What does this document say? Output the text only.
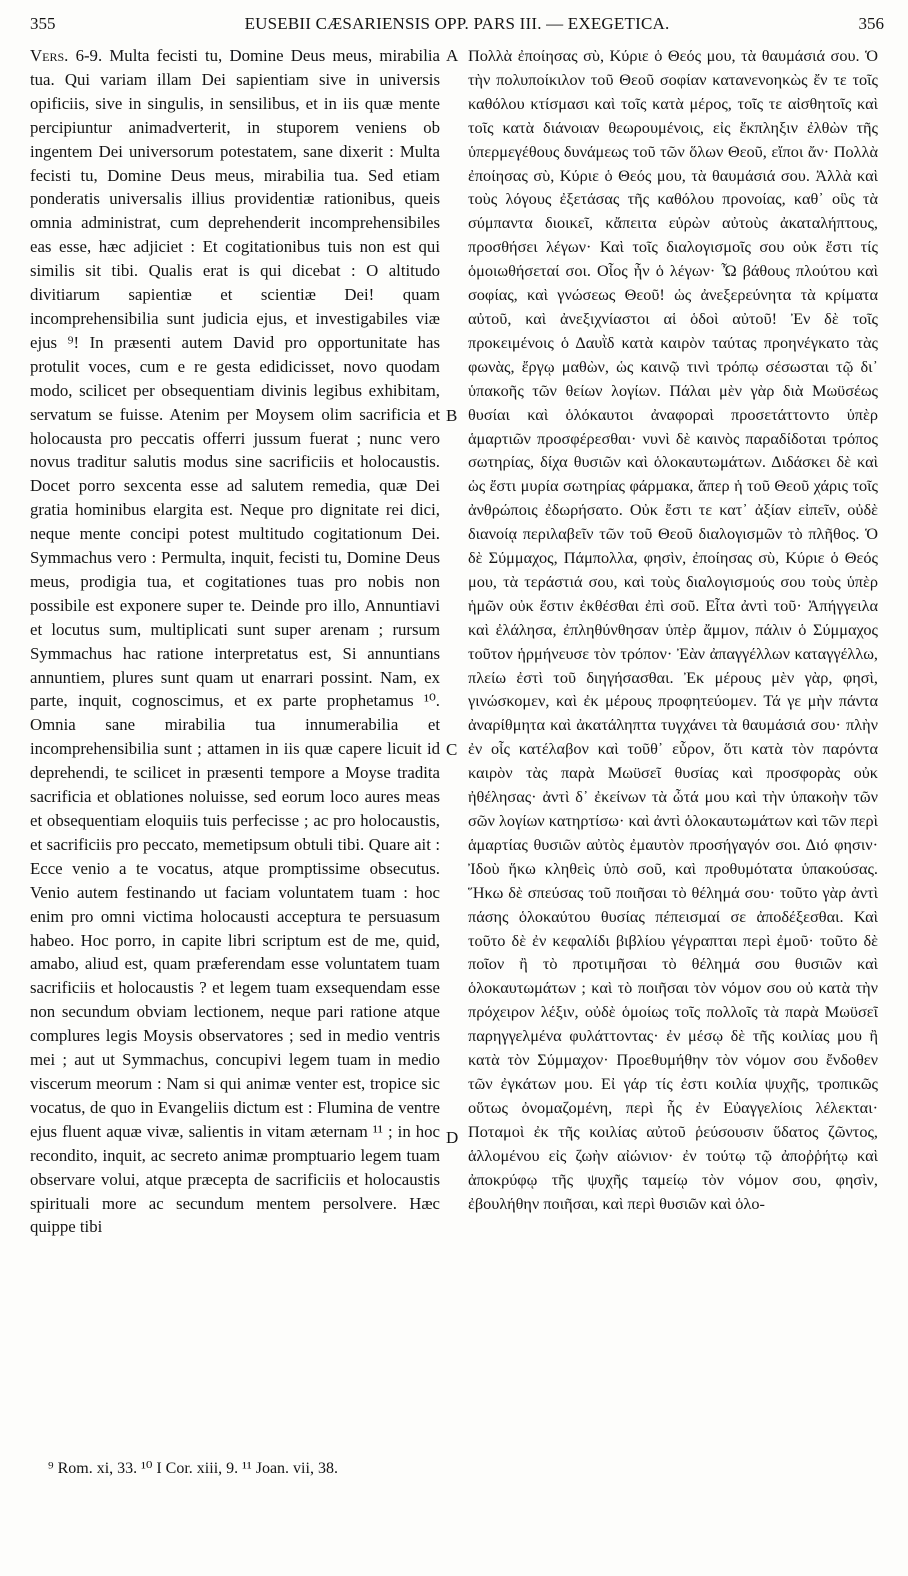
355	EUSEBII CÆSARIENSIS OPP. PARS III. — EXEGETICA.	356

Vers. 6-9. Multa fecisti tu, Domine Deus meus, mirabilia tua. Qui variam illam Dei sapientiam sive in universis opificiis, sive in singulis, in sensilibus, et in iis quæ mente percipiuntur animadverterit, in stuporem veniens ob ingentem Dei universorum potestatem, sane dixerit : Multa fecisti tu, Domine Deus meus, mirabilia tua. Sed etiam ponderatis universalis illius providentiæ rationibus, queis omnia administrat, cum deprehenderit incomprehensibiles eas esse, hæc adjiciet : Et cogitationibus tuis non est qui similis sit tibi. Qualis erat is qui dicebat : O altitudo divitiarum sapientiæ et scientiæ Dei! quam incomprehensibilia sunt judicia ejus, et investigabiles viæ ejus ⁹! In præsenti autem David pro opportunitate has protulit voces, cum e re gesta edidicisset, novo quodam modo, scilicet per obsequentiam divinis legibus exhibitam, servatum se fuisse. Atenim per Moysem olim sacrificia et holocausta pro peccatis offerri jussum fuerat ; nunc vero novus traditur salutis modus sine sacrificiis et holocaustis. Docet porro sexcenta esse ad salutem remedia, quæ Dei gratia hominibus elargita est. Neque pro dignitate rei dici, neque mente concipi potest multitudo cogitationum Dei. Symmachus vero : Permulta, inquit, fecisti tu, Domine Deus meus, prodigia tua, et cogitationes tuas pro nobis non possibile est exponere super te. Deinde pro illo, Annuntiavi et locutus sum, multiplicati sunt super arenam ; rursum Symmachus hac ratione interpretatus est, Si annuntians annuntiem, plures sunt quam ut enarrari possint. Nam, ex parte, inquit, cognoscimus, et ex parte prophetamus ¹⁰. Omnia sane mirabilia tua innumerabilia et incomprehensibilia sunt ; attamen in iis quæ capere licuit id deprehendi, te scilicet in præsenti tempore a Moyse tradita sacrificia et oblationes noluisse, sed eorum loco aures meas et obsequentiam eloquiis tuis perfecisse ; ac pro holocaustis, et sacrificiis pro peccato, memetipsum obtuli tibi. Quare ait : Ecce venio a te vocatus, atque promptissime obsecutus. Venio autem festinando ut faciam voluntatem tuam : hoc enim pro omni victima holocausti acceptura te persuasum habeo. Hoc porro, in capite libri scriptum est de me, quid, amabo, aliud est, quam præferendam esse voluntatem tuam sacrificiis et holocaustis ? et legem tuam exsequendam esse non secundum obviam lectionem, neque pari ratione atque complures legis Moysis observatores ; sed in medio ventris mei ; aut ut Symmachus, concupivi legem tuam in medio viscerum meorum : Nam si qui animæ venter est, tropice sic vocatus, de quo in Evangeliis dictum est : Flumina de ventre ejus fluent aquæ vivæ, salientis in vitam æternam ¹¹ ; in hoc recondito, inquit, ac secreto animæ promptuario legem tuam observare volui, atque præcepta de sacrificiis et holocaustis spirituali more ac secundum mentem persolvere. Hæc quippe tibi

A
B
C
D

Πολλὰ ἐποίησας σὺ, Κύριε ὁ Θεός μου, τὰ θαυμάσιά σου. Ὁ τὴν πολυποίκιλον τοῦ Θεοῦ σοφίαν κατανενοηκὼς ἔν τε τοῖς καθόλου κτίσμασι καὶ τοῖς κατὰ μέρος, τοῖς τε αἰσθητοῖς καὶ τοῖς κατὰ διάνοιαν θεωρουμένοις, εἰς ἔκπληξιν ἐλθὼν τῆς ὑπερμεγέθους δυνάμεως τοῦ τῶν ὅλων Θεοῦ, εἴποι ἄν· Πολλὰ ἐποίησας σὺ, Κύριε ὁ Θεός μου, τὰ θαυμάσιά σου. Ἀλλὰ καὶ τοὺς λόγους ἐξετάσας τῆς καθόλου προνοίας, καθ᾽ οὓς τὰ σύμπαντα διοικεῖ, κἄπειτα εὑρὼν αὐτοὺς ἀκαταλήπτους, προσθήσει λέγων· Καὶ τοῖς διαλογισμοῖς σου οὐκ ἔστι τίς ὁμοιωθήσεταί σοι. Οἷος ἦν ὁ λέγων· Ὦ βάθους πλούτου καὶ σοφίας, καὶ γνώσεως Θεοῦ! ὡς ἀνεξερεύνητα τὰ κρίματα αὐτοῦ, καὶ ἀνεξιχνίαστοι αἱ ὁδοὶ αὐτοῦ! Ἐν δὲ τοῖς προκειμένοις ὁ Δαυῒδ κατὰ καιρὸν ταύτας προηνέγκατο τὰς φωνὰς, ἔργῳ μαθὼν, ὡς καινῷ τινὶ τρόπῳ σέσωσται τῷ δι᾽ ὑπακοῆς τῶν θείων λογίων. Πάλαι μὲν γὰρ διὰ Μωϋσέως θυσίαι καὶ ὁλόκαυτοι ἀναφοραὶ προσετάττοντο ὑπὲρ ἁμαρτιῶν προσφέρεσθαι· νυνὶ δὲ καινὸς παραδίδοται τρόπος σωτηρίας, δίχα θυσιῶν καὶ ὁλοκαυτωμάτων. Διδάσκει δὲ καὶ ὡς ἔστι μυρία σωτηρίας φάρμακα, ἅπερ ἡ τοῦ Θεοῦ χάρις τοῖς ἀνθρώποις ἐδωρήσατο. Οὐκ ἔστι τε κατ᾽ ἀξίαν εἰπεῖν, οὐδὲ διανοίᾳ περιλαβεῖν τῶν τοῦ Θεοῦ διαλογισμῶν τὸ πλῆθος. Ὁ δὲ Σύμμαχος, Πάμπολλα, φησὶν, ἐποίησας σὺ, Κύριε ὁ Θεός μου, τὰ τεράστιά σου, καὶ τοὺς διαλογισμούς σου τοὺς ὑπὲρ ἡμῶν οὐκ ἔστιν ἐκθέσθαι ἐπὶ σοῦ. Εἶτα ἀντὶ τοῦ· Ἀπήγγειλα καὶ ἐλάλησα, ἐπληθύνθησαν ὑπὲρ ἄμμον, πάλιν ὁ Σύμμαχος τοῦτον ἡρμήνευσε τὸν τρόπον· Ἐὰν ἀπαγγέλλων καταγγέλλω, πλείω ἐστὶ τοῦ διηγήσασθαι. Ἐκ μέρους μὲν γὰρ, φησὶ, γινώσκομεν, καὶ ἐκ μέρους προφητεύομεν. Τά γε μὴν πάντα ἀναρίθμητα καὶ ἀκατάληπτα τυγχάνει τὰ θαυμάσιά σου· πλὴν ἐν οἷς κατέλαβον καὶ τοῦθ᾽ εὗρον, ὅτι κατὰ τὸν παρόντα καιρὸν τὰς παρὰ Μωϋσεῖ θυσίας καὶ προσφορὰς οὐκ ἠθέλησας· ἀντὶ δ᾽ ἐκείνων τὰ ὦτά μου καὶ τὴν ὑπακοὴν τῶν σῶν λογίων κατηρτίσω· καὶ ἀντὶ ὁλοκαυτωμάτων καὶ τῶν περὶ ἁμαρτίας θυσιῶν αὐτὸς ἐμαυτὸν προσήγαγόν σοι. Διό φησιν· Ἰδοὺ ἥκω κληθεὶς ὑπὸ σοῦ, καὶ προθυμότατα ὑπακούσας. Ἥκω δὲ σπεύσας τοῦ ποιῆσαι τὸ θέλημά σου· τοῦτο γὰρ ἀντὶ πάσης ὁλοκαύτου θυσίας πέπεισμαί σε ἀποδέξεσθαι. Καὶ τοῦτο δὲ ἐν κεφαλίδι βιβλίου γέγραπται περὶ ἐμοῦ· τοῦτο δὲ ποῖον ἢ τὸ προτιμῆσαι τὸ θέλημά σου θυσιῶν καὶ ὁλοκαυτωμάτων ; καὶ τὸ ποιῆσαι τὸν νόμον σου οὐ κατὰ τὴν πρόχειρον λέξιν, οὐδὲ ὁμοίως τοῖς πολλοῖς τὰ παρὰ Μωϋσεῖ παρηγγελμένα φυλάττοντας· ἐν μέσῳ δὲ τῆς κοιλίας μου ἢ κατὰ τὸν Σύμμαχον· Προεθυμήθην τὸν νόμον σου ἔνδοθεν τῶν ἐγκάτων μου. Εἰ γάρ τίς ἐστι κοιλία ψυχῆς, τροπικῶς οὕτως ὀνομαζομένη, περὶ ἧς ἐν Εὐαγγελίοις λέλεκται· Ποταμοὶ ἐκ τῆς κοιλίας αὐτοῦ ῥεύσουσιν ὕδατος ζῶντος, ἁλλομένου εἰς ζωὴν αἰώνιον· ἐν τούτῳ τῷ ἀποῤῥήτῳ καὶ ἀποκρύφῳ τῆς ψυχῆς ταμείῳ τὸν νόμον σου, φησὶν, ἐβουλήθην ποιῆσαι, καὶ περὶ θυσιῶν καὶ ὁλο-

⁹ Rom. xi, 33. ¹⁰ I Cor. xiii, 9. ¹¹ Joan. vii, 38.
